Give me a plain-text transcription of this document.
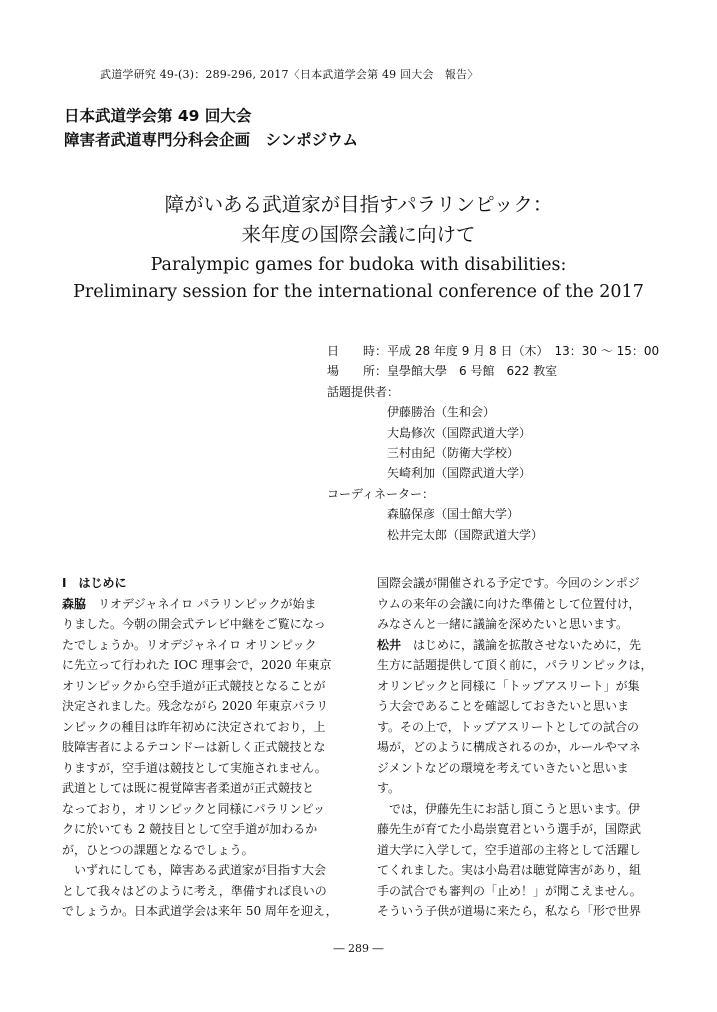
武道学研究 49-(3)：289-296, 2017〈日本武道学会第 49 回大会　報告〉
日本武道学会第 49 回大会
障害者武道専門分科会企画　シンポジウム
障がいある武道家が目指すパラリンピック：
来年度の国際会議に向けて
Paralympic games for budoka with disabilities:
Preliminary session for the international conference of the 2017
日　　時：平成 28 年度 9 月 8 日（木）　13：30 〜 15：00
場　　所：皇學館大學　6 号館　622 教室
話題提供者：
伊藤勝治（生和会）
大島修次（国際武道大学）
三村由紀（防衛大学校）
矢崎利加（国際武道大学）
コーディネーター：
森脇保彦（国士館大学）
松井完太郎（国際武道大学）

Ⅰ　はじめに

森脇　リオデジャネイロ パラリンピックが始ま

りました。今朝の開会式テレビ中継をご覧になっ

たでしょうか。リオデジャネイロ オリンピック

に先立って行われた IOC 理事会で，2020 年東京

オリンピックから空手道が正式競技となることが

決定されました。残念ながら 2020 年東京パラリ

ンピックの種目は昨年初めに決定されており，上

肢障害者によるテコンドーは新しく正式競技とな

りますが，空手道は競技として実施されません。

武道としては既に視覚障害者柔道が正式競技と

なっており，オリンピックと同様にパラリンピッ

クに於いても 2 競技目として空手道が加わるか

が，ひとつの課題となるでしょう。

　いずれにしても，障害ある武道家が目指す大会

として我々はどのように考え，準備すれば良いの

でしょうか。日本武道学会は来年 50 周年を迎え，

国際会議が開催される予定です。今回のシンポジ

ウムの来年の会議に向けた準備として位置付け，

みなさんと一緒に議論を深めたいと思います。

松井　はじめに，議論を拡散させないために，先

生方に話題提供して頂く前に，パラリンピックは，

オリンピックと同様に「トップアスリート」が集

う大会であることを確認しておきたいと思いま

す。その上で，トップアスリートとしての試合の

場が，どのように構成されるのか，ルールやマネ

ジメントなどの環境を考えていきたいと思いま

す。

　では，伊藤先生にお話し頂こうと思います。伊

藤先生が育てた小島崇寛君という選手が，国際武

道大学に入学して，空手道部の主将として活躍し

てくれました。実は小島君は聴覚障害があり，組

手の試合でも審判の「止め！」が聞こえません。

そういう子供が道場に来たら，私なら「形で世界

― 289 ―
